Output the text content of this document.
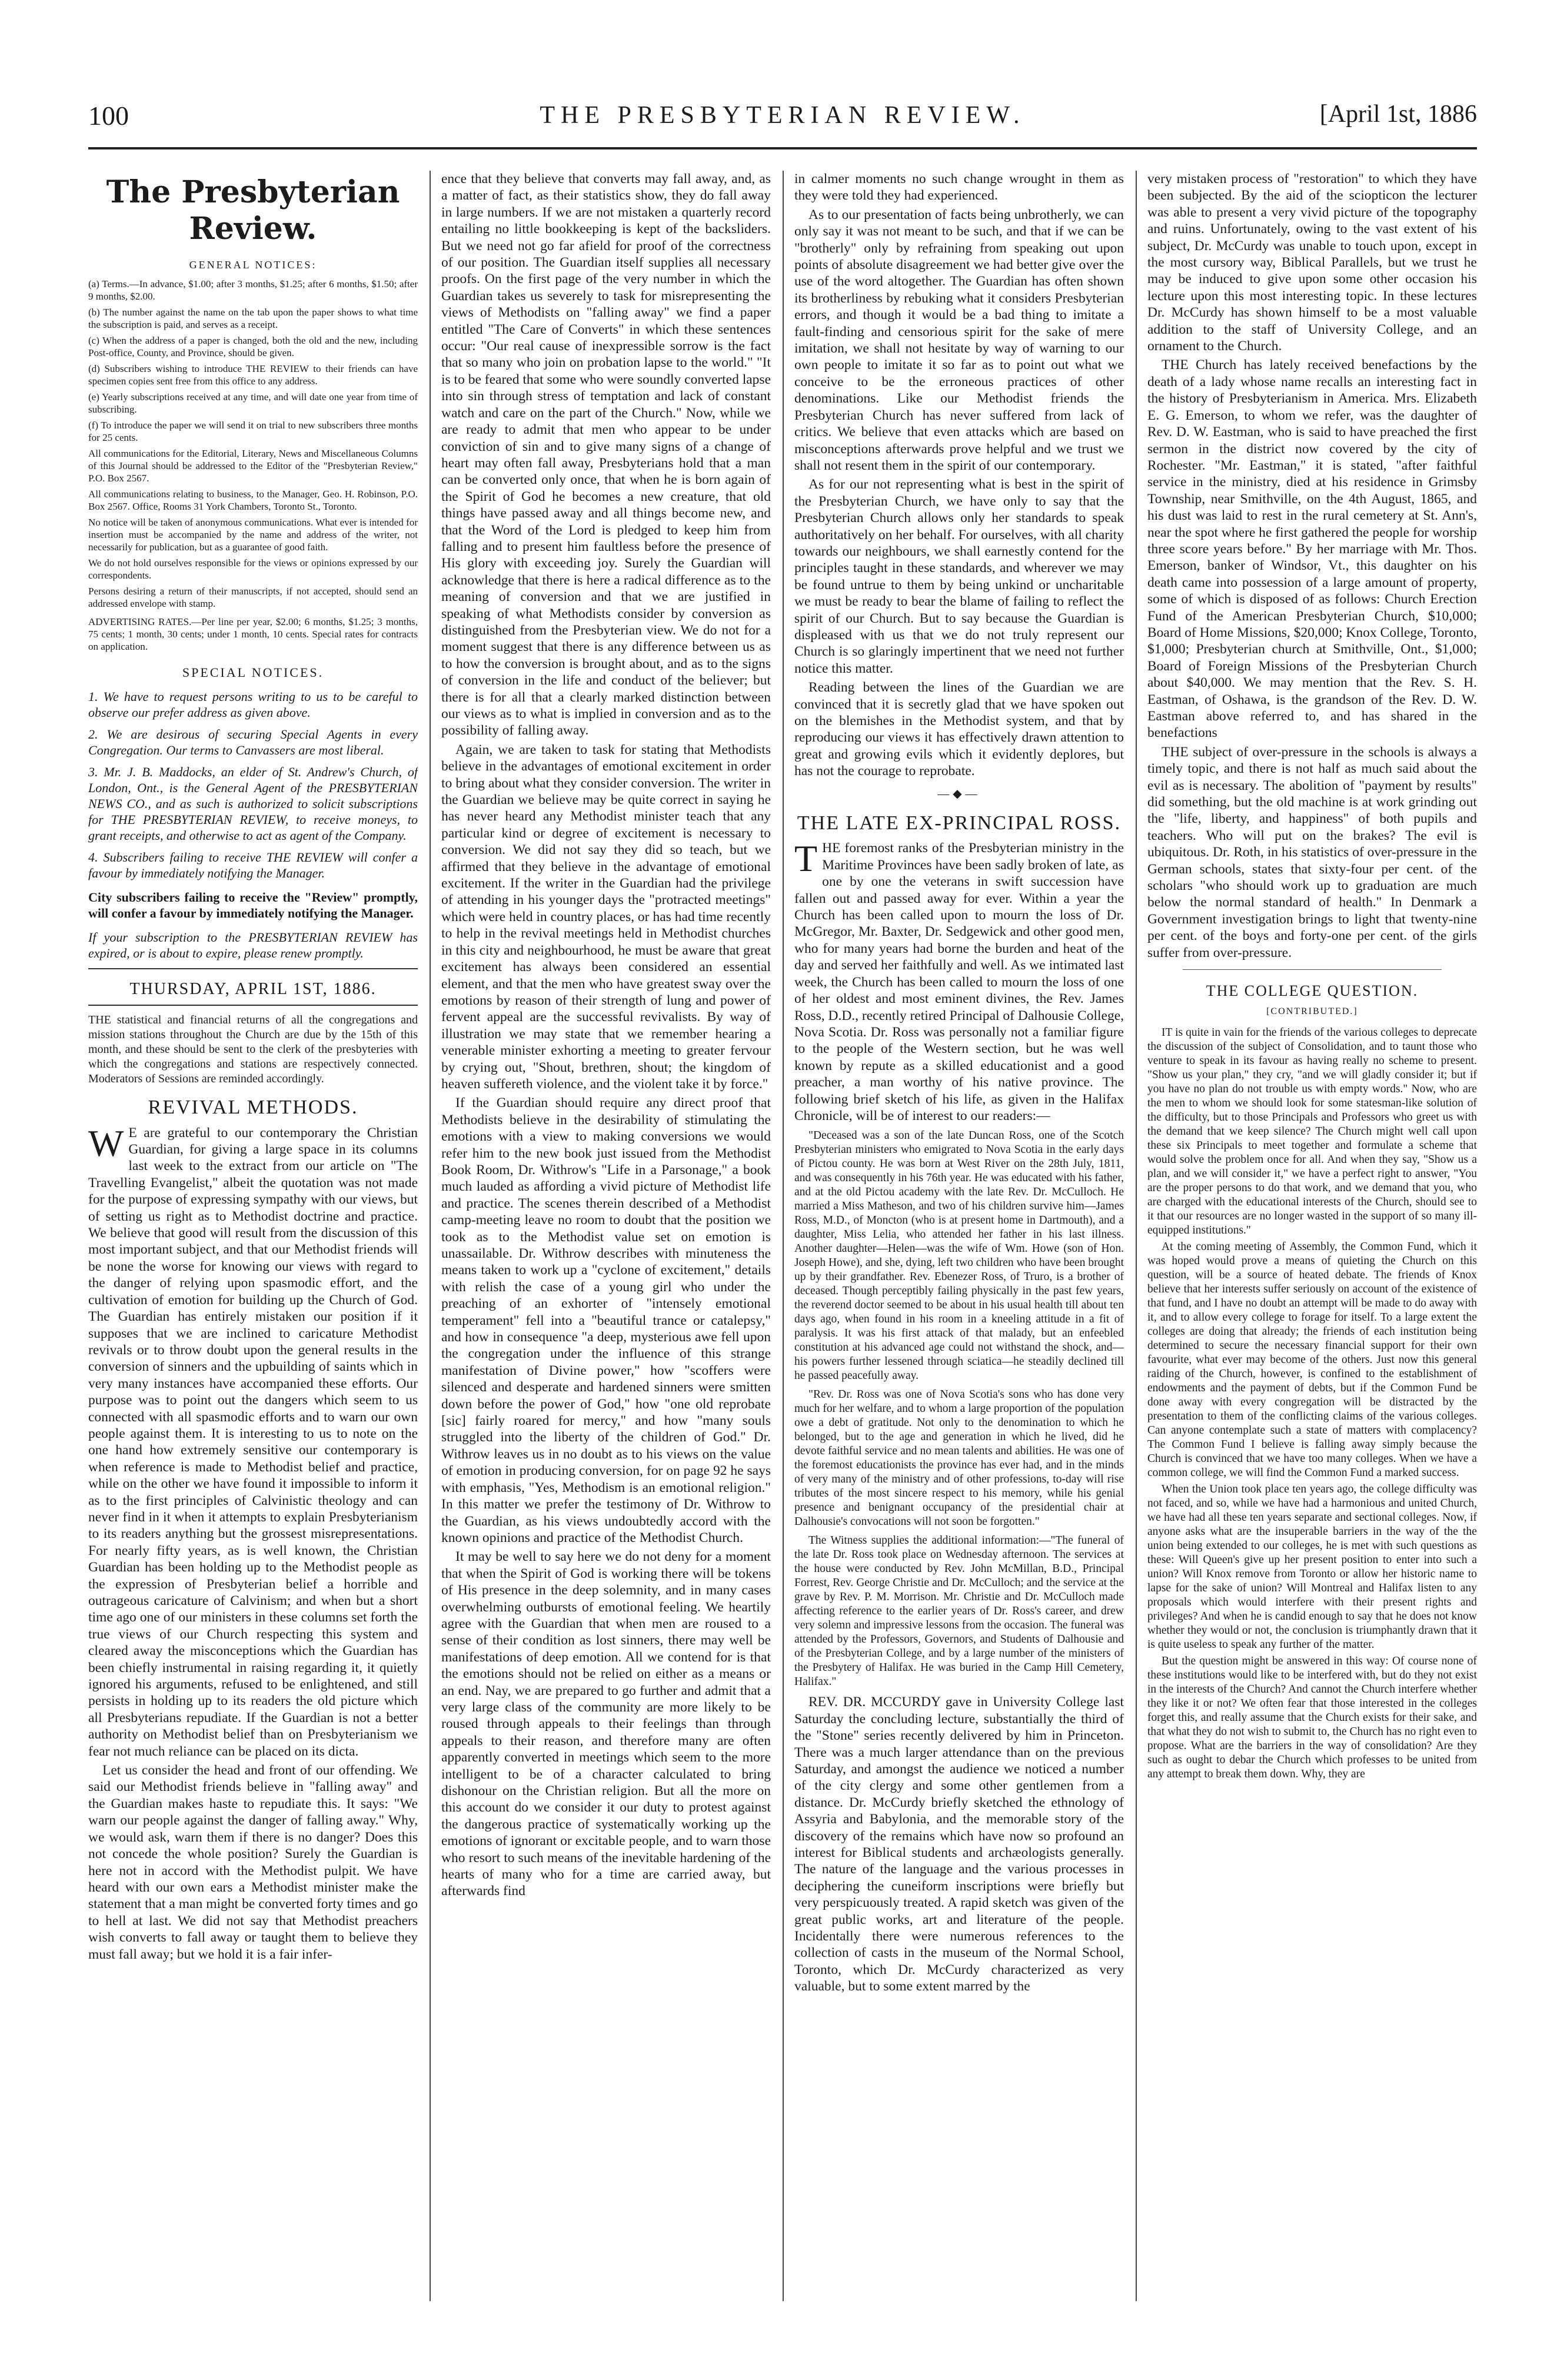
100	THE PRESBYTERIAN REVIEW.	[April 1st, 1886
The Presbyterian Review.
GENERAL NOTICES:

(a) Terms.—In advance, $1.00; after 3 months, $1.25; after 6 months, $1.50; after 9 months, $2.00.

(b) The number against the name on the tab upon the paper shows to what time the subscription is paid, and serves as a receipt.

(c) When the address of a paper is changed, both the old and the new, including Post-office, County, and Province, should be given.

(d) Subscribers wishing to introduce THE REVIEW to their friends can have specimen copies sent free from this office to any address.

(e) Yearly subscriptions received at any time, and will date one year from time of subscribing.

(f) To introduce the paper we will send it on trial to new subscribers three months for 25 cents.

All communications for the Editorial, Literary, News and Miscellaneous Columns of this Journal should be addressed to the Editor of the "Presbyterian Review," P.O. Box 2567.

All communications relating to business, to the Manager, Geo. H. Robinson, P.O. Box 2567. Office, Rooms 31 York Chambers, Toronto St., Toronto.

No notice will be taken of anonymous communications. What ever is intended for insertion must be accompanied by the name and address of the writer, not necessarily for publication, but as a guarantee of good faith.

We do not hold ourselves responsible for the views or opinions expressed by our correspondents.

Persons desiring a return of their manuscripts, if not accepted, should send an addressed envelope with stamp.

ADVERTISING RATES.—Per line per year, $2.00; 6 months, $1.25; 3 months, 75 cents; 1 month, 30 cents; under 1 month, 10 cents. Special rates for contracts on application.

SPECIAL NOTICES.

1. We have to request persons writing to us to be careful to observe our prefer address as given above.

2. We are desirous of securing Special Agents in every Congregation. Our terms to Canvassers are most liberal.

3. Mr. J. B. Maddocks, an elder of St. Andrew's Church, of London, Ont., is the General Agent of the PRESBYTERIAN NEWS CO., and as such is authorized to solicit subscriptions for THE PRESBYTERIAN REVIEW, to receive moneys, to grant receipts, and otherwise to act as agent of the Company.

4. Subscribers failing to receive THE REVIEW will confer a favour by immediately notifying the Manager.

City subscribers failing to receive the "Review" promptly, will confer a favour by immediately notifying the Manager.

If your subscription to the PRESBYTERIAN REVIEW has expired, or is about to expire, please renew promptly.

THURSDAY, APRIL 1ST, 1886.

THE statistical and financial returns of all the congregations and mission stations throughout the Church are due by the 15th of this month, and these should be sent to the clerk of the presbyteries with which the congregations and stations are respectively connected. Moderators of Sessions are reminded accordingly.

REVIVAL METHODS.

W E are grateful to our contemporary the Christian Guardian, for giving a large space in its columns last week to the extract from our article on "The Travelling Evangelist," albeit the quotation was not made for the purpose of expressing sympathy with our views, but of setting us right as to Methodist doctrine and practice. We believe that good will result from the discussion of this most important subject, and that our Methodist friends will be none the worse for knowing our views with regard to the danger of relying upon spasmodic effort, and the cultivation of emotion for building up the Church of God. The Guardian has entirely mistaken our position if it supposes that we are inclined to caricature Methodist revivals or to throw doubt upon the general results in the conversion of sinners and the upbuilding of saints which in very many instances have accompanied these efforts. Our purpose was to point out the dangers which seem to us connected with all spasmodic efforts and to warn our own people against them. It is interesting to us to note on the one hand how extremely sensitive our contemporary is when reference is made to Methodist belief and practice, while on the other we have found it impossible to inform it as to the first principles of Calvinistic theology and can never find in it when it attempts to explain Presbyterianism to its readers anything but the grossest misrepresentations. For nearly fifty years, as is well known, the Christian Guardian has been holding up to the Methodist people as the expression of Presbyterian belief a horrible and outrageous caricature of Calvinism; and when but a short time ago one of our ministers in these columns set forth the true views of our Church respecting this system and cleared away the misconceptions which the Guardian has been chiefly instrumental in raising regarding it, it quietly ignored his arguments, refused to be enlightened, and still persists in holding up to its readers the old picture which all Presbyterians repudiate. If the Guardian is not a better authority on Methodist belief than on Presbyterianism we fear not much reliance can be placed on its dicta.

Let us consider the head and front of our offending. We said our Methodist friends believe in "falling away" and the Guardian makes haste to repudiate this. It says: "We warn our people against the danger of falling away." Why, we would ask, warn them if there is no danger? Does this not concede the whole position? Surely the Guardian is here not in accord with the Methodist pulpit. We have heard with our own ears a Methodist minister make the statement that a man might be converted forty times and go to hell at last. We did not say that Methodist preachers wish converts to fall away or taught them to believe they must fall away; but we hold it is a fair infer-

ence that they believe that converts may fall away, and, as a matter of fact, as their statistics show, they do fall away in large numbers. If we are not mistaken a quarterly record entailing no little bookkeeping is kept of the backsliders. But we need not go far afield for proof of the correctness of our position. The Guardian itself supplies all necessary proofs. On the first page of the very number in which the Guardian takes us severely to task for misrepresenting the views of Methodists on "falling away" we find a paper entitled "The Care of Converts" in which these sentences occur: "Our real cause of inexpressible sorrow is the fact that so many who join on probation lapse to the world." "It is to be feared that some who were soundly converted lapse into sin through stress of temptation and lack of constant watch and care on the part of the Church." Now, while we are ready to admit that men who appear to be under conviction of sin and to give many signs of a change of heart may often fall away, Presbyterians hold that a man can be converted only once, that when he is born again of the Spirit of God he becomes a new creature, that old things have passed away and all things become new, and that the Word of the Lord is pledged to keep him from falling and to present him faultless before the presence of His glory with exceeding joy. Surely the Guardian will acknowledge that there is here a radical difference as to the meaning of conversion and that we are justified in speaking of what Methodists consider by conversion as distinguished from the Presbyterian view. We do not for a moment suggest that there is any difference between us as to how the conversion is brought about, and as to the signs of conversion in the life and conduct of the believer; but there is for all that a clearly marked distinction between our views as to what is implied in conversion and as to the possibility of falling away.

Again, we are taken to task for stating that Methodists believe in the advantages of emotional excitement in order to bring about what they consider conversion. The writer in the Guardian we believe may be quite correct in saying he has never heard any Methodist minister teach that any particular kind or degree of excitement is necessary to conversion. We did not say they did so teach, but we affirmed that they believe in the advantage of emotional excitement. If the writer in the Guardian had the privilege of attending in his younger days the "protracted meetings" which were held in country places, or has had time recently to help in the revival meetings held in Methodist churches in this city and neighbourhood, he must be aware that great excitement has always been considered an essential element, and that the men who have greatest sway over the emotions by reason of their strength of lung and power of fervent appeal are the successful revivalists. By way of illustration we may state that we remember hearing a venerable minister exhorting a meeting to greater fervour by crying out, "Shout, brethren, shout; the kingdom of heaven suffereth violence, and the violent take it by force."

If the Guardian should require any direct proof that Methodists believe in the desirability of stimulating the emotions with a view to making conversions we would refer him to the new book just issued from the Methodist Book Room, Dr. Withrow's "Life in a Parsonage," a book much lauded as affording a vivid picture of Methodist life and practice. The scenes therein described of a Methodist camp-meeting leave no room to doubt that the position we took as to the Methodist value set on emotion is unassailable. Dr. Withrow describes with minuteness the means taken to work up a "cyclone of excitement," details with relish the case of a young girl who under the preaching of an exhorter of "intensely emotional temperament" fell into a "beautiful trance or catalepsy," and how in consequence "a deep, mysterious awe fell upon the congregation under the influence of this strange manifestation of Divine power," how "scoffers were silenced and desperate and hardened sinners were smitten down before the power of God," how "one old reprobate [sic] fairly roared for mercy," and how "many souls struggled into the liberty of the children of God." Dr. Withrow leaves us in no doubt as to his views on the value of emotion in producing conversion, for on page 92 he says with emphasis, "Yes, Methodism is an emotional religion." In this matter we prefer the testimony of Dr. Withrow to the Guardian, as his views undoubtedly accord with the known opinions and practice of the Methodist Church.

It may be well to say here we do not deny for a moment that when the Spirit of God is working there will be tokens of His presence in the deep solemnity, and in many cases overwhelming outbursts of emotional feeling. We heartily agree with the Guardian that when men are roused to a sense of their condition as lost sinners, there may well be manifestations of deep emotion. All we contend for is that the emotions should not be relied on either as a means or an end. Nay, we are prepared to go further and admit that a very large class of the community are more likely to be roused through appeals to their feelings than through appeals to their reason, and therefore many are often apparently converted in meetings which seem to the more intelligent to be of a character calculated to bring dishonour on the Christian religion. But all the more on this account do we consider it our duty to protest against the dangerous practice of systematically working up the emotions of ignorant or excitable people, and to warn those who resort to such means of the inevitable hardening of the hearts of many who for a time are carried away, but afterwards find

in calmer moments no such change wrought in them as they were told they had experienced.

As to our presentation of facts being unbrotherly, we can only say it was not meant to be such, and that if we can be "brotherly" only by refraining from speaking out upon points of absolute disagreement we had better give over the use of the word altogether. The Guardian has often shown its brotherliness by rebuking what it considers Presbyterian errors, and though it would be a bad thing to imitate a fault-finding and censorious spirit for the sake of mere imitation, we shall not hesitate by way of warning to our own people to imitate it so far as to point out what we conceive to be the erroneous practices of other denominations. Like our Methodist friends the Presbyterian Church has never suffered from lack of critics. We believe that even attacks which are based on misconceptions afterwards prove helpful and we trust we shall not resent them in the spirit of our contemporary.

As for our not representing what is best in the spirit of the Presbyterian Church, we have only to say that the Presbyterian Church allows only her standards to speak authoritatively on her behalf. For ourselves, with all charity towards our neighbours, we shall earnestly contend for the principles taught in these standards, and wherever we may be found untrue to them by being unkind or uncharitable we must be ready to bear the blame of failing to reflect the spirit of our Church. But to say because the Guardian is displeased with us that we do not truly represent our Church is so glaringly impertinent that we need not further notice this matter.

Reading between the lines of the Guardian we are convinced that it is secretly glad that we have spoken out on the blemishes in the Methodist system, and that by reproducing our views it has effectively drawn attention to great and growing evils which it evidently deplores, but has not the courage to reprobate.

—◆—
THE LATE EX-PRINCIPAL ROSS.

THE foremost ranks of the Presbyterian ministry in the Maritime Provinces have been sadly broken of late, as one by one the veterans in swift succession have fallen out and passed away for ever. Within a year the Church has been called upon to mourn the loss of Dr. McGregor, Mr. Baxter, Dr. Sedgewick and other good men, who for many years had borne the burden and heat of the day and served her faithfully and well. As we intimated last week, the Church has been called to mourn the loss of one of her oldest and most eminent divines, the Rev. James Ross, D.D., recently retired Principal of Dalhousie College, Nova Scotia. Dr. Ross was personally not a familiar figure to the people of the Western section, but he was well known by repute as a skilled educationist and a good preacher, a man worthy of his native province. The following brief sketch of his life, as given in the Halifax Chronicle, will be of interest to our readers:—

"Deceased was a son of the late Duncan Ross, one of the Scotch Presbyterian ministers who emigrated to Nova Scotia in the early days of Pictou county. He was born at West River on the 28th July, 1811, and was consequently in his 76th year. He was educated with his father, and at the old Pictou academy with the late Rev. Dr. McCulloch. He married a Miss Matheson, and two of his children survive him—James Ross, M.D., of Moncton (who is at present home in Dartmouth), and a daughter, Miss Lelia, who attended her father in his last illness. Another daughter—Helen—was the wife of Wm. Howe (son of Hon. Joseph Howe), and she, dying, left two children who have been brought up by their grandfather. Rev. Ebenezer Ross, of Truro, is a brother of deceased. Though perceptibly failing physically in the past few years, the reverend doctor seemed to be about in his usual health till about ten days ago, when found in his room in a kneeling attitude in a fit of paralysis. It was his first attack of that malady, but an enfeebled constitution at his advanced age could not withstand the shock, and—his powers further lessened through sciatica—he steadily declined till he passed peacefully away.

"Rev. Dr. Ross was one of Nova Scotia's sons who has done very much for her welfare, and to whom a large proportion of the population owe a debt of gratitude. Not only to the denomination to which he belonged, but to the age and generation in which he lived, did he devote faithful service and no mean talents and abilities. He was one of the foremost educationists the province has ever had, and in the minds of very many of the ministry and of other professions, to-day will rise tributes of the most sincere respect to his memory, while his genial presence and benignant occupancy of the presidential chair at Dalhousie's convocations will not soon be forgotten."

The Witness supplies the additional information:—"The funeral of the late Dr. Ross took place on Wednesday afternoon. The services at the house were conducted by Rev. John McMillan, B.D., Principal Forrest, Rev. George Christie and Dr. McCulloch; and the service at the grave by Rev. P. M. Morrison. Mr. Christie and Dr. McCulloch made affecting reference to the earlier years of Dr. Ross's career, and drew very solemn and impressive lessons from the occasion. The funeral was attended by the Professors, Governors, and Students of Dalhousie and of the Presbyterian College, and by a large number of the ministers of the Presbytery of Halifax. He was buried in the Camp Hill Cemetery, Halifax."

REV. DR. MCCURDY gave in University College last Saturday the concluding lecture, substantially the third of the "Stone" series recently delivered by him in Princeton. There was a much larger attendance than on the previous Saturday, and amongst the audience we noticed a number of the city clergy and some other gentlemen from a distance. Dr. McCurdy briefly sketched the ethnology of Assyria and Babylonia, and the memorable story of the discovery of the remains which have now so profound an interest for Biblical students and archæologists generally. The nature of the language and the various processes in deciphering the cuneiform inscriptions were briefly but very perspicuously treated. A rapid sketch was given of the great public works, art and literature of the people. Incidentally there were numerous references to the collection of casts in the museum of the Normal School, Toronto, which Dr. McCurdy characterized as very valuable, but to some extent marred by the

very mistaken process of "restoration" to which they have been subjected. By the aid of the sciopticon the lecturer was able to present a very vivid picture of the topography and ruins. Unfortunately, owing to the vast extent of his subject, Dr. McCurdy was unable to touch upon, except in the most cursory way, Biblical Parallels, but we trust he may be induced to give upon some other occasion his lecture upon this most interesting topic. In these lectures Dr. McCurdy has shown himself to be a most valuable addition to the staff of University College, and an ornament to the Church.

THE Church has lately received benefactions by the death of a lady whose name recalls an interesting fact in the history of Presbyterianism in America. Mrs. Elizabeth E. G. Emerson, to whom we refer, was the daughter of Rev. D. W. Eastman, who is said to have preached the first sermon in the district now covered by the city of Rochester. "Mr. Eastman," it is stated, "after faithful service in the ministry, died at his residence in Grimsby Township, near Smithville, on the 4th August, 1865, and his dust was laid to rest in the rural cemetery at St. Ann's, near the spot where he first gathered the people for worship three score years before." By her marriage with Mr. Thos. Emerson, banker of Windsor, Vt., this daughter on his death came into possession of a large amount of property, some of which is disposed of as follows: Church Erection Fund of the American Presbyterian Church, $10,000; Board of Home Missions, $20,000; Knox College, Toronto, $1,000; Presbyterian church at Smithville, Ont., $1,000; Board of Foreign Missions of the Presbyterian Church about $40,000. We may mention that the Rev. S. H. Eastman, of Oshawa, is the grandson of the Rev. D. W. Eastman above referred to, and has shared in the benefactions

THE subject of over-pressure in the schools is always a timely topic, and there is not half as much said about the evil as is necessary. The abolition of "payment by results" did something, but the old machine is at work grinding out the "life, liberty, and happiness" of both pupils and teachers. Who will put on the brakes? The evil is ubiquitous. Dr. Roth, in his statistics of over-pressure in the German schools, states that sixty-four per cent. of the scholars "who should work up to graduation are much below the normal standard of health." In Denmark a Government investigation brings to light that twenty-nine per cent. of the boys and forty-one per cent. of the girls suffer from over-pressure.

THE COLLEGE QUESTION.
[CONTRIBUTED.]

IT is quite in vain for the friends of the various colleges to deprecate the discussion of the subject of Consolidation, and to taunt those who venture to speak in its favour as having really no scheme to present. "Show us your plan," they cry, "and we will gladly consider it; but if you have no plan do not trouble us with empty words." Now, who are the men to whom we should look for some statesman-like solution of the difficulty, but to those Principals and Professors who greet us with the demand that we keep silence? The Church might well call upon these six Principals to meet together and formulate a scheme that would solve the problem once for all. And when they say, "Show us a plan, and we will consider it," we have a perfect right to answer, "You are the proper persons to do that work, and we demand that you, who are charged with the educational interests of the Church, should see to it that our resources are no longer wasted in the support of so many ill-equipped institutions."

At the coming meeting of Assembly, the Common Fund, which it was hoped would prove a means of quieting the Church on this question, will be a source of heated debate. The friends of Knox believe that her interests suffer seriously on account of the existence of that fund, and I have no doubt an attempt will be made to do away with it, and to allow every college to forage for itself. To a large extent the colleges are doing that already; the friends of each institution being determined to secure the necessary financial support for their own favourite, what ever may become of the others. Just now this general raiding of the Church, however, is confined to the establishment of endowments and the payment of debts, but if the Common Fund be done away with every congregation will be distracted by the presentation to them of the conflicting claims of the various colleges. Can anyone contemplate such a state of matters with complacency? The Common Fund I believe is falling away simply because the Church is convinced that we have too many colleges. When we have a common college, we will find the Common Fund a marked success.

When the Union took place ten years ago, the college difficulty was not faced, and so, while we have had a harmonious and united Church, we have had all these ten years separate and sectional colleges. Now, if anyone asks what are the insuperable barriers in the way of the the union being extended to our colleges, he is met with such questions as these: Will Queen's give up her present position to enter into such a union? Will Knox remove from Toronto or allow her historic name to lapse for the sake of union? Will Montreal and Halifax listen to any proposals which would interfere with their present rights and privileges? And when he is candid enough to say that he does not know whether they would or not, the conclusion is triumphantly drawn that it is quite useless to speak any further of the matter.

But the question might be answered in this way: Of course none of these institutions would like to be interfered with, but do they not exist in the interests of the Church? And cannot the Church interfere whether they like it or not? We often fear that those interested in the colleges forget this, and really assume that the Church exists for their sake, and that what they do not wish to submit to, the Church has no right even to propose. What are the barriers in the way of consolidation? Are they such as ought to debar the Church which professes to be united from any attempt to break them down. Why, they are
